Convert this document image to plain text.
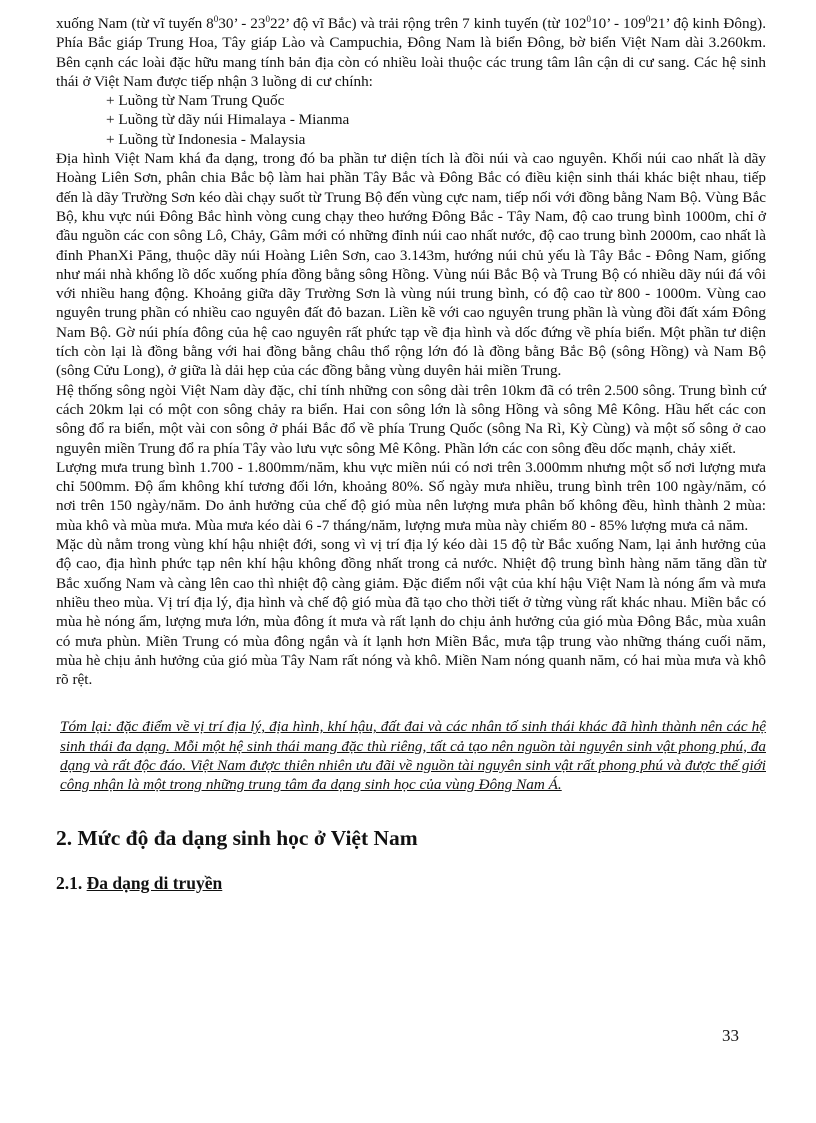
xuống Nam (từ vĩ tuyến $8^030$’ - $23^022$’ độ vĩ Bắc) và trải rộng trên 7 kinh tuyến (từ $102^010$’ - $109^021$’ độ kinh Đông). Phía Bắc giáp Trung Hoa, Tây giáp Lào và Campuchia, Đông Nam là biển Đông, bờ biển Việt Nam dài 3.260km. Bên cạnh các loài đặc hữu mang tính bản địa còn có nhiều loài thuộc các trung tâm lân cận di cư sang. Các hệ sinh thái ở Việt Nam được tiếp nhận 3 luồng di cư chính:

+ Luồng từ Nam Trung Quốc
+ Luồng từ dãy núi Himalaya - Mianma
+ Luồng từ Indonesia - Malaysia

Địa hình Việt Nam khá đa dạng, trong đó ba phần tư diện tích là đồi núi và cao nguyên. Khối núi cao nhất là dãy Hoàng Liên Sơn, phân chia Bắc bộ làm hai phần Tây Bắc và Đông Bắc có điều kiện sinh thái khác biệt nhau, tiếp đến là dãy Trường Sơn kéo dài chạy suốt từ Trung Bộ đến vùng cực nam, tiếp nối với đồng bằng Nam Bộ. Vùng Bắc Bộ, khu vực núi Đông Bắc hình vòng cung chạy theo hướng Đông Bắc - Tây Nam, độ cao trung bình 1000m, chỉ ở đầu nguồn các con sông Lô, Chảy, Gâm mới có những đỉnh núi cao nhất nước, độ cao trung bình 2000m, cao nhất là đỉnh PhanXi Păng, thuộc dãy núi Hoàng Liên Sơn, cao 3.143m, hướng núi chủ yếu là Tây Bắc - Đông Nam, giống như mái nhà khổng lồ dốc xuống phía đồng bằng sông Hồng. Vùng núi Bắc Bộ và Trung Bộ có nhiều dãy núi đá vôi với nhiều hang động. Khoảng giữa dãy Trường Sơn là vùng núi trung bình, có độ cao từ 800 - 1000m. Vùng cao nguyên trung phần có nhiều cao nguyên đất đỏ bazan. Liền kề với cao nguyên trung phần là vùng đồi đất xám Đông Nam Bộ. Gờ núi phía đông của hệ cao nguyên rất phức tạp về địa hình và dốc đứng về phía biển. Một phần tư diện tích còn lại là đồng bằng với hai đồng bằng châu thổ rộng lớn đó là đồng bằng Bắc Bộ (sông Hồng) và Nam Bộ (sông Cửu Long), ở giữa là dải hẹp của các đồng bằng vùng duyên hải miền Trung.

Hệ thống sông ngòi Việt Nam dày đặc, chỉ tính những con sông dài trên 10km đã có trên 2.500 sông. Trung bình cứ cách 20km lại có một con sông chảy ra biển. Hai con sông lớn là sông Hồng và sông Mê Kông. Hầu hết các con sông đổ ra biển, một vài con sông ở phái Bắc đổ về phía Trung Quốc (sông Na Rì, Kỳ Cùng) và một số sông ở cao nguyên miền Trung đổ ra phía Tây vào lưu vực sông Mê Kông. Phần lớn các con sông đều dốc mạnh, chảy xiết.

Lượng mưa trung bình 1.700 - 1.800mm/năm, khu vực miền núi có nơi trên 3.000mm nhưng một số nơi lượng mưa chỉ 500mm. Độ ẩm không khí tương đối lớn, khoảng 80%. Số ngày mưa nhiều, trung bình trên 100 ngày/năm, có nơi trên 150 ngày/năm. Do ảnh hưởng của chế độ gió mùa nên lượng mưa phân bố không đều, hình thành 2 mùa: mùa khô và mùa mưa. Mùa mưa kéo dài 6 -7 tháng/năm, lượng mưa mùa này chiếm 80 - 85% lượng mưa cả năm.

Mặc dù nằm trong vùng khí hậu nhiệt đới, song vì vị trí địa lý kéo dài 15 độ từ Bắc xuống Nam, lại ảnh hưởng của độ cao, địa hình phức tạp nên khí hậu không đồng nhất trong cả nước. Nhiệt độ trung bình hàng năm tăng dần từ Bắc xuống Nam và càng lên cao thì nhiệt độ càng giảm. Đặc điểm nổi vật của khí hậu Việt Nam là nóng ẩm và mưa nhiều theo mùa. Vị trí địa lý, địa hình và chế độ gió mùa đã tạo cho thời tiết ở từng vùng rất khác nhau. Miền bắc có mùa hè nóng ẩm, lượng mưa lớn, mùa đông ít mưa và rất lạnh do chịu ảnh hưởng của gió mùa Đông Bắc, mùa xuân có mưa phùn. Miền Trung có mùa đông ngắn và ít lạnh hơn Miền Bắc, mưa tập trung vào những tháng cuối năm, mùa hè chịu ảnh hưởng của gió mùa Tây Nam rất nóng và khô. Miền Nam nóng quanh năm, có hai mùa mưa và khô rõ rệt.

Tóm lại: đặc điểm về vị trí địa lý, địa hình, khí hậu, đất đai và các nhân tố sinh thái khác đã hình thành nên các hệ sinh thái đa dạng. Mỗi một hệ sinh thái mang đặc thù riêng, tất cả tạo nên nguồn tài nguyên sinh vật phong phú, đa dạng và rất độc đáo. Việt Nam được thiên nhiên ưu đãi về nguồn tài nguyên sinh vật rất phong phú và được thế giới công nhận là một trong những trung tâm đa dạng sinh học của vùng Đông Nam Á.

2. Mức độ đa dạng sinh học ở Việt Nam
2.1. Đa dạng di truyền
33
